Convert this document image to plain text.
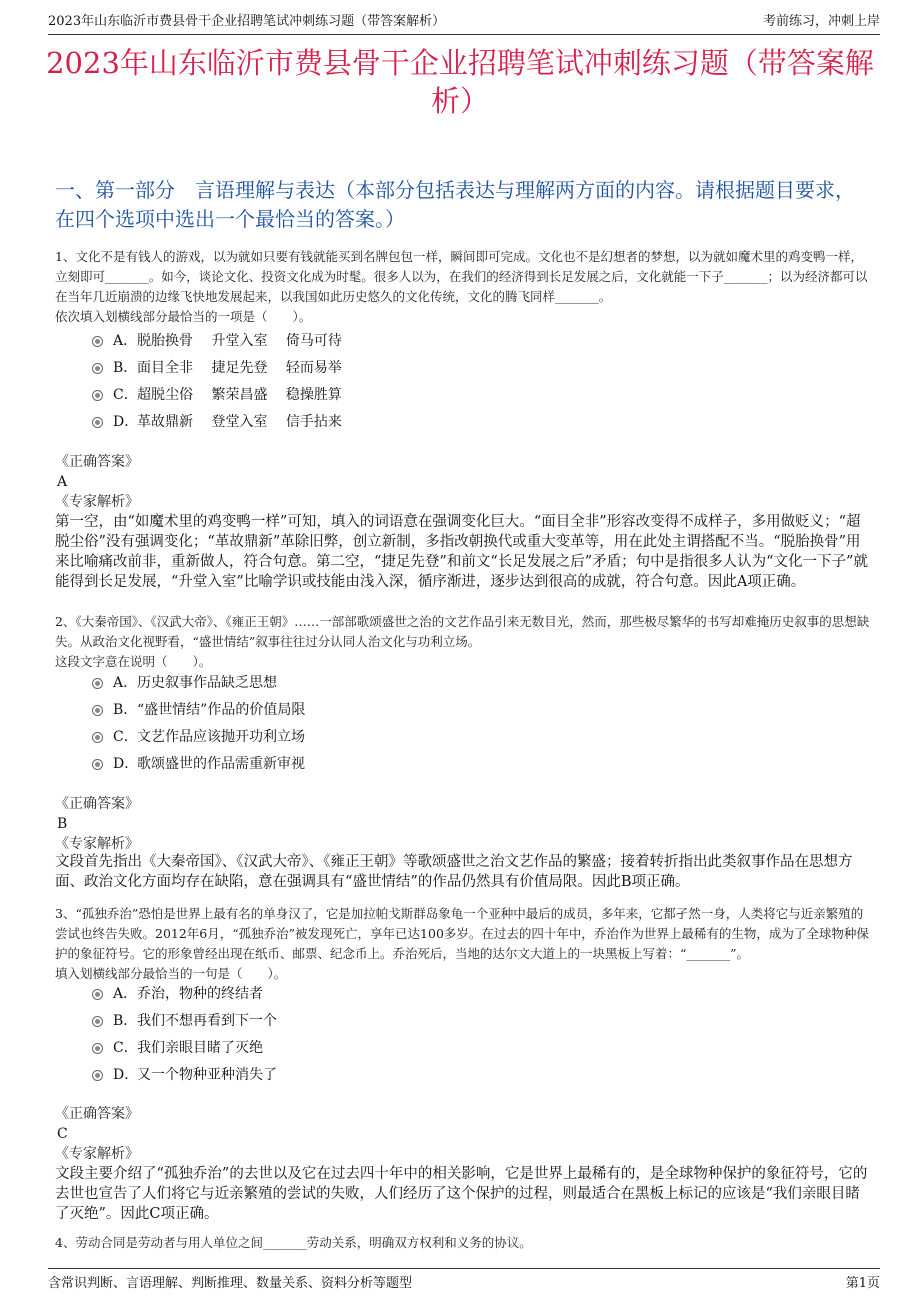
2023年山东临沂市费县骨干企业招聘笔试冲刺练习题（带答案解析）	考前练习，冲刺上岸
2023年山东临沂市费县骨干企业招聘笔试冲刺练习题（带答案解析）
一、第一部分　言语理解与表达（本部分包括表达与理解两方面的内容。请根据题目要求，在四个选项中选出一个最恰当的答案。）
1、文化不是有钱人的游戏，以为就如只要有钱就能买到名牌包包一样，瞬间即可完成。文化也不是幻想者的梦想，以为就如魔术里的鸡变鸭一样，立刻即可_______。如今，谈论文化、投资文化成为时髦。很多人以为，在我们的经济得到长足发展之后，文化就能一下子_______；以为经济都可以在当年几近崩溃的边缘飞快地发展起来，以我国如此历史悠久的文化传统，文化的腾飞同样_______。
依次填入划横线部分最恰当的一项是（　　）。
A． 脱胎换骨　 升堂入室　 倚马可待
B． 面目全非　 捷足先登　 轻而易举
C． 超脱尘俗　 繁荣昌盛　 稳操胜算
D．
革故鼎新　 登堂入室　 信手拈来
《正确答案》
A
《专家解析》
第一空，由“如魔术里的鸡变鸭一样”可知，填入的词语意在强调变化巨大。“面目全非”形容改变得不成样子，多用做贬义；“超脱尘俗”没有强调变化；“革故鼎新”革除旧弊，创立新制，多指改朝换代或重大变革等，用在此处主谓搭配不当。“脱胎换骨”用来比喻痛改前非，重新做人，符合句意。第二空，“捷足先登”和前文“长足发展之后”矛盾；句中是指很多人认为“文化一下子”就能得到长足发展，“升堂入室”比喻学识或技能由浅入深，循序渐进，逐步达到很高的成就，符合句意。因此A项正确。
2、《大秦帝国》、《汉武大帝》、《雍正王朝》……一部部歌颂盛世之治的文艺作品引来无数目光，然而，那些极尽繁华的书写却难掩历史叙事的思想缺失。从政治文化视野看，“盛世情结”叙事往往过分认同人治文化与功利立场。
这段文字意在说明（　　）。
A． 历史叙事作品缺乏思想
B． “盛世情结”作品的价值局限
C． 文艺作品应该抛开功利立场
D．
歌颂盛世的作品需重新审视
《正确答案》
B
《专家解析》
文段首先指出《大秦帝国》、《汉武大帝》、《雍正王朝》等歌颂盛世之治文艺作品的繁盛；接着转折指出此类叙事作品在思想方面、政治文化方面均存在缺陷，意在强调具有“盛世情结”的作品仍然具有价值局限。因此B项正确。
3、“孤独乔治”恐怕是世界上最有名的单身汉了，它是加拉帕戈斯群岛象龟一个亚种中最后的成员，多年来，它都孑然一身，人类将它与近亲繁殖的尝试也终告失败。2012年6月，“孤独乔治”被发现死亡，享年已达100多岁。在过去的四十年中，乔治作为世界上最稀有的生物，成为了全球物种保护的象征符号。它的形象曾经出现在纸币、邮票、纪念币上。乔治死后，当地的达尔文大道上的一块黑板上写着：“_______”。
填入划横线部分最恰当的一句是（　　）。
A． 乔治，物种的终结者
B． 我们不想再看到下一个
C． 我们亲眼目睹了灭绝
D．
又一个物种亚种消失了
《正确答案》
C
《专家解析》
文段主要介绍了“孤独乔治”的去世以及它在过去四十年中的相关影响，它是世界上最稀有的，是全球物种保护的象征符号，它的去世也宣告了人们将它与近亲繁殖的尝试的失败，人们经历了这个保护的过程，则最适合在黑板上标记的应该是“我们亲眼目睹了灭绝”。因此C项正确。
4、劳动合同是劳动者与用人单位之间_______劳动关系，明确双方权利和义务的协议。
含常识判断、言语理解、判断推理、数量关系、资料分析等题型	第1页
